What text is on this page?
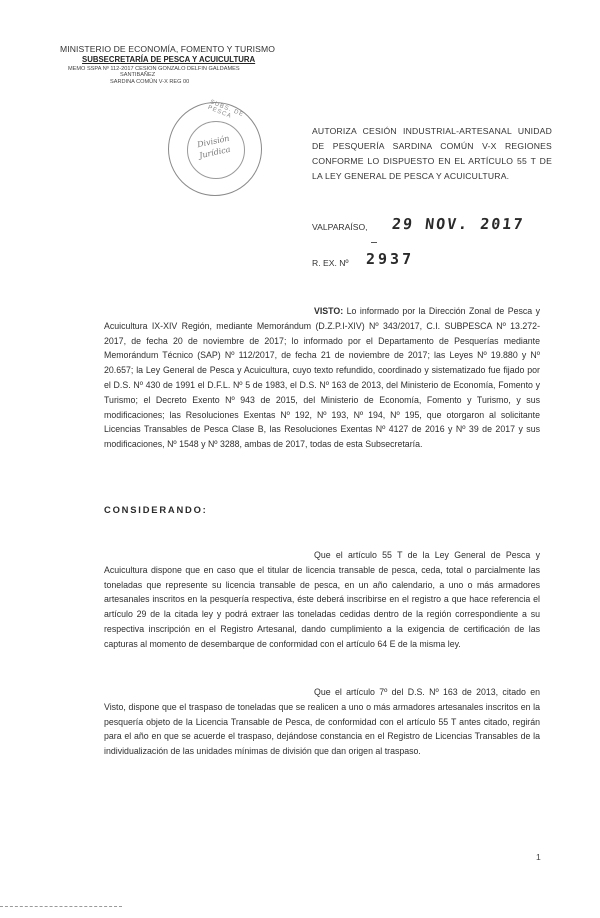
MINISTERIO DE ECONOMÍA, FOMENTO Y TURISMO
SUBSECRETARÍA DE PESCA Y ACUICULTURA
MEMO SSPA Nº 112-2017 CESION GONZALO DELFIN GALDAMES
SANTIBAÑEZ
SARDINA COMÚN V-X REG 00
SUBS. DE PESCA
División
Jurídica
AUTORIZA CESIÓN INDUSTRIAL-ARTESANAL UNIDAD DE PESQUERÍA SARDINA COMÚN V-X REGIONES CONFORME LO DISPUESTO EN EL ARTÍCULO 55 T DE LA LEY GENERAL DE PESCA Y ACUICULTURA.
VALPARAÍSO, 29 NOV. 2017
R. EX. Nº 2937
VISTO: Lo informado por la Dirección Zonal de Pesca y Acuicultura IX-XIV Región, mediante Memorándum (D.Z.P.I-XIV) Nº 343/2017, C.I. SUBPESCA Nº 13.272-2017, de fecha 20 de noviembre de 2017; lo informado por el Departamento de Pesquerías mediante Memorándum Técnico (SAP) Nº 112/2017, de fecha 21 de noviembre de 2017; las Leyes Nº 19.880 y Nº 20.657; la Ley General de Pesca y Acuicultura, cuyo texto refundido, coordinado y sistematizado fue fijado por el D.S. Nº 430 de 1991 el D.F.L. Nº 5 de 1983, el D.S. Nº 163 de 2013, del Ministerio de Economía, Fomento y Turismo; el Decreto Exento Nº 943 de 2015, del Ministerio de Economía, Fomento y Turismo, y sus modificaciones; las Resoluciones Exentas Nº 192, Nº 193, Nº 194, Nº 195, que otorgaron al solicitante Licencias Transables de Pesca Clase B, las Resoluciones Exentas Nº 4127 de 2016 y Nº 39 de 2017 y sus modificaciones, Nº 1548 y Nº 3288, ambas de 2017, todas de esta Subsecretaría.
CONSIDERANDO:
Que el artículo 55 T de la Ley General de Pesca y Acuicultura dispone que en caso que el titular de licencia transable de pesca, ceda, total o parcialmente las toneladas que represente su licencia transable de pesca, en un año calendario, a uno o más armadores artesanales inscritos en la pesquería respectiva, éste deberá inscribirse en el registro a que hace referencia el artículo 29 de la citada ley y podrá extraer las toneladas cedidas dentro de la región correspondiente a su respectiva inscripción en el Registro Artesanal, dando cumplimiento a la exigencia de certificación de las capturas al momento de desembarque de conformidad con el artículo 64 E de la misma ley.
Que el artículo 7º del D.S. Nº 163 de 2013, citado en Visto, dispone que el traspaso de toneladas que se realicen a uno o más armadores artesanales inscritos en la pesquería objeto de la Licencia Transable de Pesca, de conformidad con el artículo 55 T antes citado, regirán para el año en que se acuerde el traspaso, dejándose constancia en el Registro de Licencias Transables de la individualización de las unidades mínimas de división que dan origen al traspaso.
1
